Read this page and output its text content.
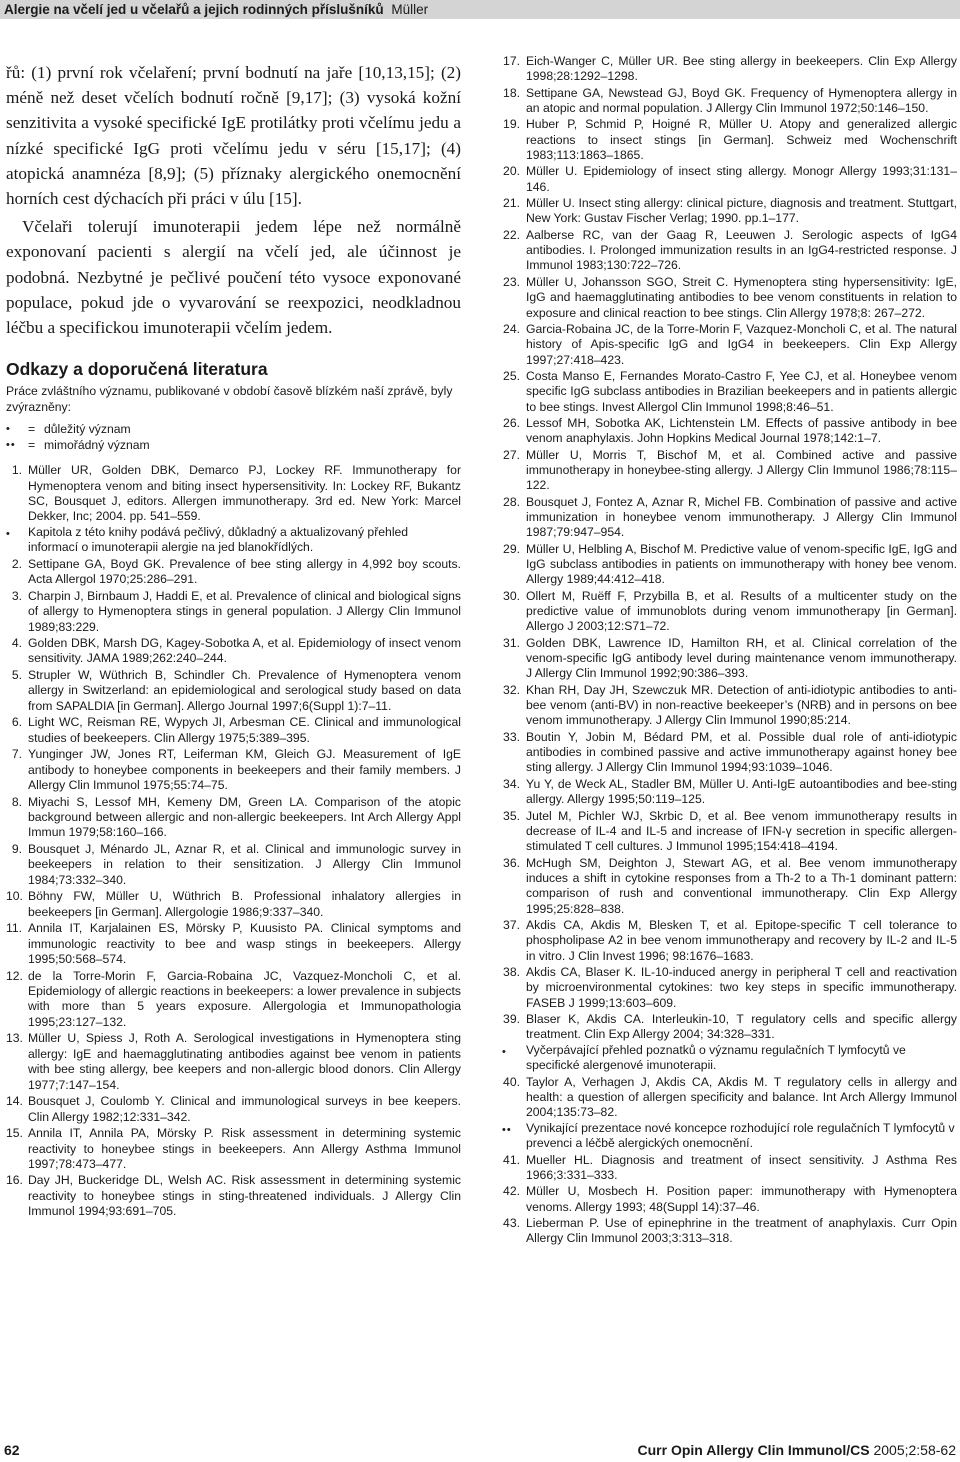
Alergie na včelí jed u včelařů a jejich rodinných příslušníků Müller

řů: (1) první rok včelaření; první bodnutí na jaře [10,13,15]; (2) méně než deset včelích bodnutí ročně [9,17]; (3) vysoká kožní senzitivita a vysoké specifické IgE protilátky proti včelímu jedu a nízké specifické IgG proti včelímu jedu v séru [15,17]; (4) atopická anamnéza [8,9]; (5) příznaky alergického onemocnění horních cest dýchacích při práci v úlu [15].

Včelaři tolerují imunoterapii jedem lépe než normálně exponovaní pacienti s alergií na včelí jed, ale účinnost je podobná. Nezbytné je pečlivé poučení této vysoce exponované populace, pokud jde o vyvarování se reexpozici, neodkladnou léčbu a specifickou imunoterapii včelím jedem.

Odkazy a doporučená literatura

Práce zvláštního významu, publikované v období časově blízkém naší zprávě, byly zvýrazněny:

•	= důležitý význam
••	= mimořádný význam
1. Müller UR, Golden DBK, Demarco PJ, Lockey RF. Immunotherapy for Hymenoptera venom and biting insect hypersensitivity. In: Lockey RF, Bukantz SC, Bousquet J, editors. Allergen immunotherapy. 3rd ed. New York: Marcel Dekker, Inc; 2004. pp. 541–559.
•	Kapitola z této knihy podává pečlivý, důkladný a aktualizovaný přehled informací o imunoterapii alergie na jed blanokřídlých.
2. Settipane GA, Boyd GK. Prevalence of bee sting allergy in 4,992 boy scouts. Acta Allergol 1970;25:286–291.
3. Charpin J, Birnbaum J, Haddi E, et al. Prevalence of clinical and biological signs of allergy to Hymenoptera stings in general population. J Allergy Clin Immunol 1989;83:229.
4. Golden DBK, Marsh DG, Kagey-Sobotka A, et al. Epidemiology of insect venom sensitivity. JAMA 1989;262:240–244.
5. Strupler W, Wüthrich B, Schindler Ch. Prevalence of Hymenoptera venom allergy in Switzerland: an epidemiological and serological study based on data from SAPALDIA [in German]. Allergo Journal 1997;6(Suppl 1):7–11.
6. Light WC, Reisman RE, Wypych JI, Arbesman CE. Clinical and immunological studies of beekeepers. Clin Allergy 1975;5:389–395.
7. Yunginger JW, Jones RT, Leiferman KM, Gleich GJ. Measurement of IgE antibody to honeybee components in beekeepers and their family members. J Allergy Clin Immunol 1975;55:74–75.
8. Miyachi S, Lessof MH, Kemeny DM, Green LA. Comparison of the atopic background between allergic and non-allergic beekeepers. Int Arch Allergy Appl Immun 1979;58:160–166.
9. Bousquet J, Ménardo JL, Aznar R, et al. Clinical and immunologic survey in beekeepers in relation to their sensitization. J Allergy Clin Immunol 1984;73:332–340.
10. Böhny FW, Müller U, Wüthrich B. Professional inhalatory allergies in beekeepers [in German]. Allergologie 1986;9:337–340.
11. Annila IT, Karjalainen ES, Mörsky P, Kuusisto PA. Clinical symptoms and immunologic reactivity to bee and wasp stings in beekeepers. Allergy 1995;50:568–574.
12. de la Torre-Morin F, Garcia-Robaina JC, Vazquez-Moncholi C, et al. Epidemiology of allergic reactions in beekeepers: a lower prevalence in subjects with more than 5 years exposure. Allergologia et Immunopathologia 1995;23:127–132.
13. Müller U, Spiess J, Roth A. Serological investigations in Hymenoptera sting allergy: IgE and haemagglutinating antibodies against bee venom in patients with bee sting allergy, bee keepers and non-allergic blood donors. Clin Allergy 1977;7:147–154.
14. Bousquet J, Coulomb Y. Clinical and immunological surveys in bee keepers. Clin Allergy 1982;12:331–342.
15. Annila IT, Annila PA, Mörsky P. Risk assessment in determining systemic reactivity to honeybee stings in beekeepers. Ann Allergy Asthma Immunol 1997;78:473–477.
16. Day JH, Buckeridge DL, Welsh AC. Risk assessment in determining systemic reactivity to honeybee stings in sting-threatened individuals. J Allergy Clin Immunol 1994;93:691–705.
17. Eich-Wanger C, Müller UR. Bee sting allergy in beekeepers. Clin Exp Allergy 1998;28:1292–1298.
18. Settipane GA, Newstead GJ, Boyd GK. Frequency of Hymenoptera allergy in an atopic and normal population. J Allergy Clin Immunol 1972;50:146–150.
19. Huber P, Schmid P, Hoigné R, Müller U. Atopy and generalized allergic reactions to insect stings [in German]. Schweiz med Wochenschrift 1983;113:1863–1865.
20. Müller U. Epidemiology of insect sting allergy. Monogr Allergy 1993;31:131–146.
21. Müller U. Insect sting allergy: clinical picture, diagnosis and treatment. Stuttgart, New York: Gustav Fischer Verlag; 1990. pp.1–177.
22. Aalberse RC, van der Gaag R, Leeuwen J. Serologic aspects of IgG4 antibodies. I. Prolonged immunization results in an IgG4-restricted response. J Immunol 1983;130:722–726.
23. Müller U, Johansson SGO, Streit C. Hymenoptera sting hypersensitivity: IgE, IgG and haemagglutinating antibodies to bee venom constituents in relation to exposure and clinical reaction to bee stings. Clin Allergy 1978;8: 267–272.
24. Garcia-Robaina JC, de la Torre-Morin F, Vazquez-Moncholi C, et al. The natural history of Apis-specific IgG and IgG4 in beekeepers. Clin Exp Allergy 1997;27:418–423.
25. Costa Manso E, Fernandes Morato-Castro F, Yee CJ, et al. Honeybee venom specific IgG subclass antibodies in Brazilian beekeepers and in patients allergic to bee stings. Invest Allergol Clin Immunol 1998;8:46–51.
26. Lessof MH, Sobotka AK, Lichtenstein LM. Effects of passive antibody in bee venom anaphylaxis. John Hopkins Medical Journal 1978;142:1–7.
27. Müller U, Morris T, Bischof M, et al. Combined active and passive immunotherapy in honeybee-sting allergy. J Allergy Clin Immunol 1986;78:115–122.
28. Bousquet J, Fontez A, Aznar R, Michel FB. Combination of passive and active immunization in honeybee venom immunotherapy. J Allergy Clin Immunol 1987;79:947–954.
29. Müller U, Helbling A, Bischof M. Predictive value of venom-specific IgE, IgG and IgG subclass antibodies in patients on immunotherapy with honey bee venom. Allergy 1989;44:412–418.
30. Ollert M, Ruëff F, Przybilla B, et al. Results of a multicenter study on the predictive value of immunoblots during venom immunotherapy [in German]. Allergo J 2003;12:S71–72.
31. Golden DBK, Lawrence ID, Hamilton RH, et al. Clinical correlation of the venom-specific IgG antibody level during maintenance venom immunotherapy. J Allergy Clin Immunol 1992;90:386–393.
32. Khan RH, Day JH, Szewczuk MR. Detection of anti-idiotypic antibodies to anti-bee venom (anti-BV) in non-reactive beekeeper’s (NRB) and in persons on bee venom immunotherapy. J Allergy Clin Immunol 1990;85:214.
33. Boutin Y, Jobin M, Bédard PM, et al. Possible dual role of anti-idiotypic antibodies in combined passive and active immunotherapy against honey bee sting allergy. J Allergy Clin Immunol 1994;93:1039–1046.
34. Yu Y, de Weck AL, Stadler BM, Müller U. Anti-IgE autoantibodies and bee-sting allergy. Allergy 1995;50:119–125.
35. Jutel M, Pichler WJ, Skrbic D, et al. Bee venom immunotherapy results in decrease of IL-4 and IL-5 and increase of IFN-γ secretion in specific allergen-stimulated T cell cultures. J Immunol 1995;154:418–4194.
36. McHugh SM, Deighton J, Stewart AG, et al. Bee venom immunotherapy induces a shift in cytokine responses from a Th-2 to a Th-1 dominant pattern: comparison of rush and conventional immunotherapy. Clin Exp Allergy 1995;25:828–838.
37. Akdis CA, Akdis M, Blesken T, et al. Epitope-specific T cell tolerance to phospholipase A2 in bee venom immunotherapy and recovery by IL-2 and IL-5 in vitro. J Clin Invest 1996; 98:1676–1683.
38. Akdis CA, Blaser K. IL-10-induced anergy in peripheral T cell and reactivation by microenvironmental cytokines: two key steps in specific immunotherapy. FASEB J 1999;13:603–609.
39. Blaser K, Akdis CA. Interleukin-10, T regulatory cells and specific allergy treatment. Clin Exp Allergy 2004; 34:328–331.
•	Vyčerpávající přehled poznatků o významu regulačních T lymfocytů ve specifické alergenové imunoterapii.
40. Taylor A, Verhagen J, Akdis CA, Akdis M. T regulatory cells in allergy and health: a question of allergen specificity and balance. Int Arch Allergy Immunol 2004;135:73–82.
••	Vynikající prezentace nové koncepce rozhodující role regulačních T lymfocytů v prevenci a léčbě alergických onemocnění.
41. Mueller HL. Diagnosis and treatment of insect sensitivity. J Asthma Res 1966;3:331–333.
42. Müller U, Mosbech H. Position paper: immunotherapy with Hymenoptera venoms. Allergy 1993; 48(Suppl 14):37–46.
43. Lieberman P. Use of epinephrine in the treatment of anaphylaxis. Curr Opin Allergy Clin Immunol 2003;3:313–318.
62	Curr Opin Allergy Clin Immunol/CS 2005;2:58-62
